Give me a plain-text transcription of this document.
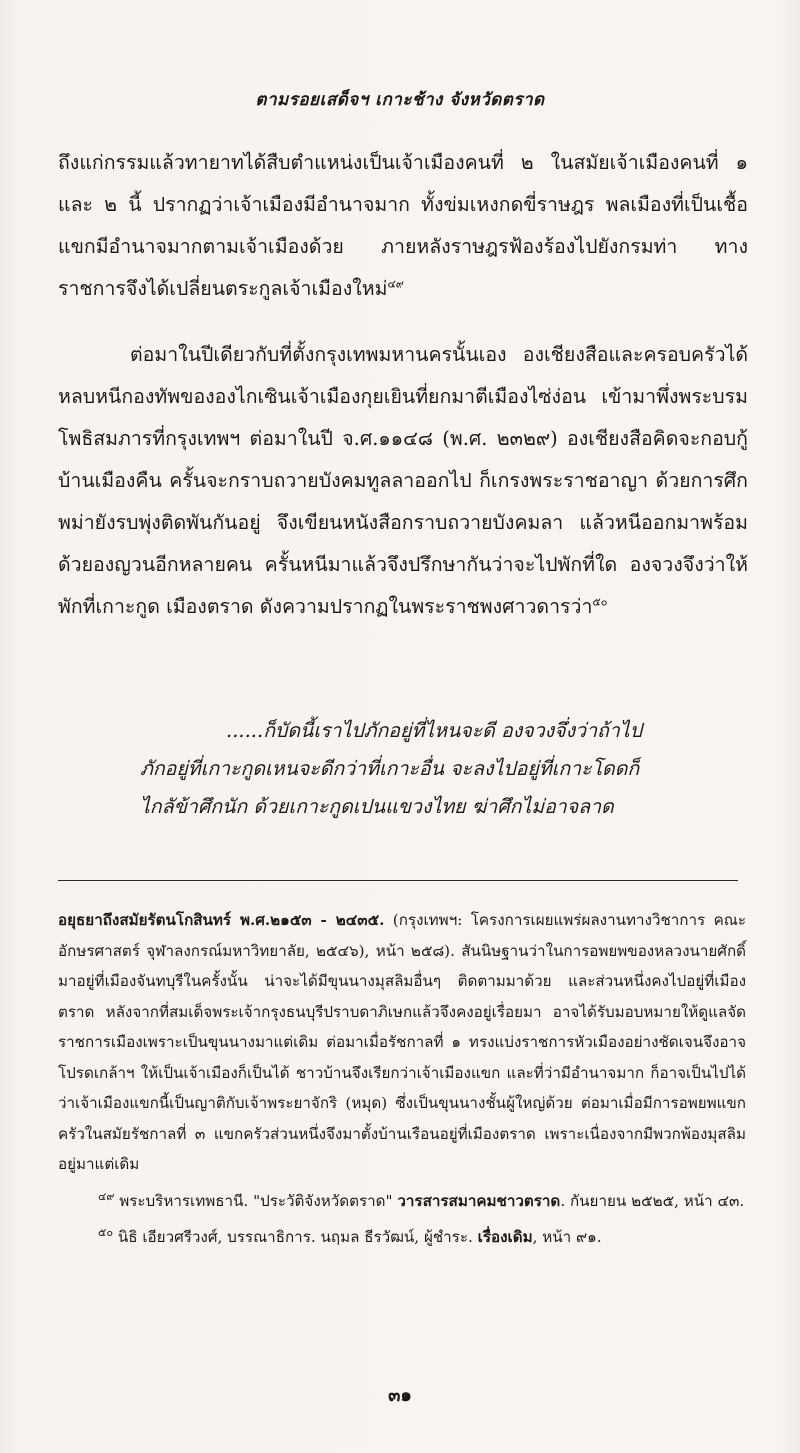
ตามรอยเสด็จฯ เกาะช้าง จังหวัดตราด

ถึงแก่กรรมแล้วทายาทได้สืบตำแหน่งเป็นเจ้าเมืองคนที่ ๒ ในสมัยเจ้าเมืองคนที่ ๑ และ ๒ นี้ ปรากฏว่าเจ้าเมืองมีอำนาจมาก ทั้งข่มเหงกดขี่ราษฎร พลเมืองที่เป็นเชื้อแขกมีอำนาจมากตามเจ้าเมืองด้วย ภายหลังราษฎรฟ้องร้องไปยังกรมท่า ทางราชการจึงได้เปลี่ยนตระกูลเจ้าเมืองใหม่$^{๔๙}$

ต่อมาในปีเดียวกับที่ตั้งกรุงเทพมหานครนั้นเอง องเชียงสือและครอบครัวได้หลบหนีกองทัพขององไกเซินเจ้าเมืองกุยเยินที่ยกมาตีเมืองไซ่ง่อน เข้ามาพึ่งพระบรมโพธิสมภารที่กรุงเทพฯ ต่อมาในปี จ.ศ.๑๑๔๘ (พ.ศ. ๒๓๒๙) องเชียงสือคิดจะกอบกู้บ้านเมืองคืน ครั้นจะกราบถวายบังคมทูลลาออกไป ก็เกรงพระราชอาญา ด้วยการศึกพม่ายังรบพุ่งติดพันกันอยู่ จึงเขียนหนังสือกราบถวายบังคมลา แล้วหนีออกมาพร้อมด้วยองญวนอีกหลายคน ครั้นหนีมาแล้วจึงปรึกษากันว่าจะไปพักที่ใด องจวงจึงว่าให้พักที่เกาะกูด เมืองตราด ดังความปรากฏในพระราชพงศาวดารว่า$^{๕๐}$

......ก็บัดนี้เราไปภักอยู่ที่ไหนจะดี องจวงจึ่งว่าถ้าไป

ภักอยู่ที่เกาะกูดเหนจะดีกว่าที่เกาะอื่น จะลงไปอยู่ที่เกาะโดดก็

ไกลัข้าศึกนัก ด้วยเกาะกูดเปนแขวงไทย ฆ่าศึกไม่อาจลาด

อยุธยาถึงสมัยรัตนโกสินทร์ พ.ศ.๒๑๕๓ - ๒๔๓๕. (กรุงเทพฯ: โครงการเผยแพร่ผลงานทางวิชาการ คณะอักษรศาสตร์ จุฬาลงกรณ์มหาวิทยาลัย, ๒๕๔๖), หน้า ๒๕๘). สันนิษฐานว่าในการอพยพของหลวงนายศักดิ์มาอยู่ที่เมืองจันทบุรีในครั้งนั้น น่าจะได้มีขุนนางมุสลิมอื่นๆ ติดตามมาด้วย และส่วนหนึ่งคงไปอยู่ที่เมืองตราด หลังจากที่สมเด็จพระเจ้ากรุงธนบุรีปราบดาภิเษกแล้วจึงคงอยู่เรื่อยมา อาจได้รับมอบหมายให้ดูแลจัดราชการเมืองเพราะเป็นขุนนางมาแต่เดิม ต่อมาเมื่อรัชกาลที่ ๑ ทรงแบ่งราชการหัวเมืองอย่างชัดเจนจึงอาจโปรดเกล้าฯ ให้เป็นเจ้าเมืองก็เป็นได้ ชาวบ้านจึงเรียกว่าเจ้าเมืองแขก และที่ว่ามีอำนาจมาก ก็อาจเป็นไปได้ว่าเจ้าเมืองแขกนี้เป็นญาติกับเจ้าพระยาจักริ (หมุด) ซึ่งเป็นขุนนางชั้นผู้ใหญ่ด้วย ต่อมาเมื่อมีการอพยพแขกครัวในสมัยรัชกาลที่ ๓ แขกครัวส่วนหนึ่งจึงมาตั้งบ้านเรือนอยู่ที่เมืองตราด เพราะเนื่องจากมีพวกพ้องมุสลิมอยู่มาแต่เดิม

$^{๔๙}$ พระบริหารเทพธานี. "ประวัติจังหวัดตราด" วารสารสมาคมชาวตราด. กันยายน ๒๕๒๕, หน้า ๔๓.

$^{๕๐}$ นิธิ เอียวศรีวงศ์, บรรณาธิการ. นฤมล ธีรวัฒน์, ผู้ชำระ. เรื่องเดิม, หน้า ๙๑.

๓๑
